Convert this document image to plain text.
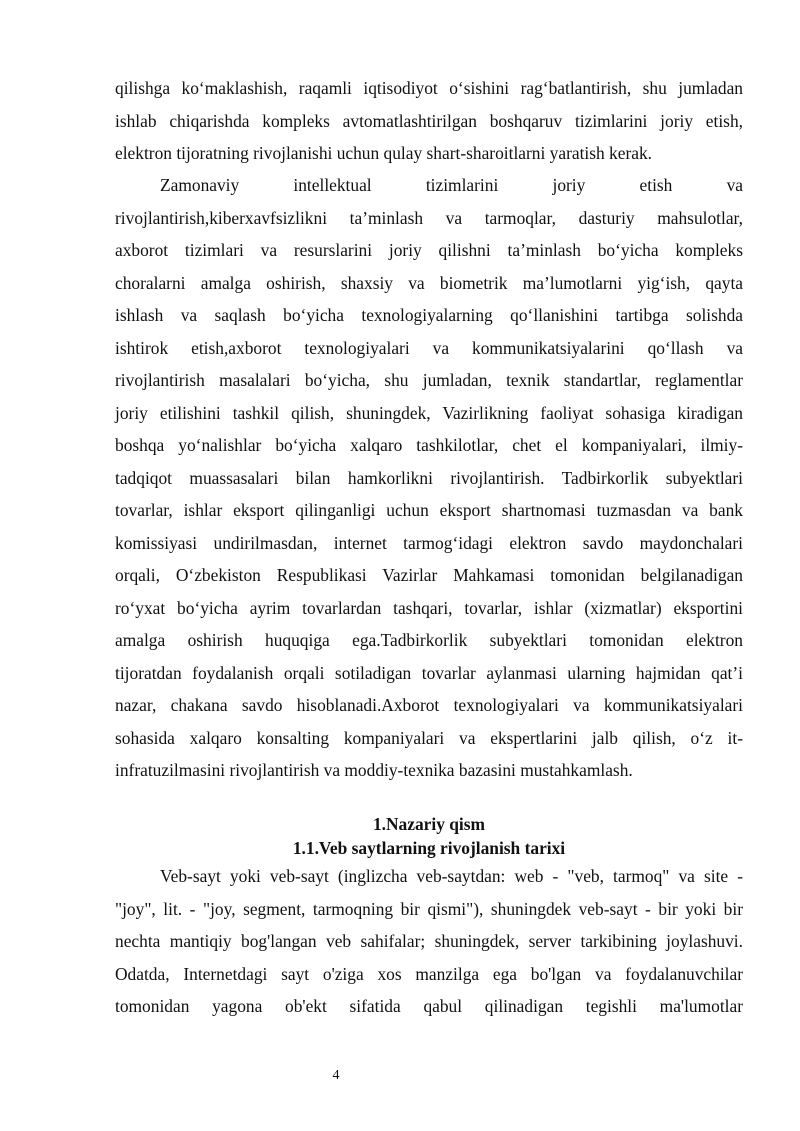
qilishga ko‘maklashish, raqamli iqtisodiyot o‘sishini rag‘batlantirish, shu jumladan
ishlab chiqarishda kompleks avtomatlashtirilgan boshqaruv tizimlarini joriy etish,
elektron tijoratning rivojlanishi uchun qulay shart-sharoitlarni yaratish kerak.
Zamonaviy intellektual tizimlarini joriy etish va
rivojlantirish,kiberxavfsizlikni ta’minlash va tarmoqlar, dasturiy mahsulotlar,
axborot tizimlari va resurslarini joriy qilishni ta’minlash bo‘yicha kompleks
choralarni amalga oshirish, shaxsiy va biometrik ma’lumotlarni yig‘ish, qayta
ishlash va saqlash bo‘yicha texnologiyalarning qo‘llanishini tartibga solishda
ishtirok etish,axborot texnologiyalari va kommunikatsiyalarini qo‘llash va
rivojlantirish masalalari bo‘yicha, shu jumladan, texnik standartlar, reglamentlar
joriy etilishini tashkil qilish, shuningdek, Vazirlikning faoliyat sohasiga kiradigan
boshqa yo‘nalishlar bo‘yicha xalqaro tashkilotlar, chet el kompaniyalari, ilmiy-
tadqiqot muassasalari bilan hamkorlikni rivojlantirish. Tadbirkorlik subyektlari
tovarlar, ishlar eksport qilinganligi uchun eksport shartnomasi tuzmasdan va bank
komissiyasi undirilmasdan, internet tarmog‘idagi elektron savdo maydonchalari
orqali, O‘zbekiston Respublikasi Vazirlar Mahkamasi tomonidan belgilanadigan
ro‘yxat bo‘yicha ayrim tovarlardan tashqari, tovarlar, ishlar (xizmatlar) eksportini
amalga oshirish huquqiga ega.Tadbirkorlik subyektlari tomonidan elektron
tijoratdan foydalanish orqali sotiladigan tovarlar aylanmasi ularning hajmidan qat’i
nazar, chakana savdo hisoblanadi.Axborot texnologiyalari va kommunikatsiyalari
sohasida xalqaro konsalting kompaniyalari va ekspertlarini jalb qilish, o‘z it-
infratuzilmasini rivojlantirish va moddiy-texnika bazasini mustahkamlash.
1.Nazariy qism
1.1.Veb saytlarning rivojlanish tarixi
Veb-sayt yoki veb-sayt (inglizcha veb-saytdan: web - "veb, tarmoq" va site -
"joy", lit. - "joy, segment, tarmoqning bir qismi"), shuningdek veb-sayt - bir yoki bir
nechta mantiqiy bog'langan veb sahifalar; shuningdek, server tarkibining joylashuvi.
Odatda, Internetdagi sayt o'ziga xos manzilga ega bo'lgan va foydalanuvchilar
tomonidan yagona ob'ekt sifatida qabul qilinadigan tegishli ma'lumotlar
4
